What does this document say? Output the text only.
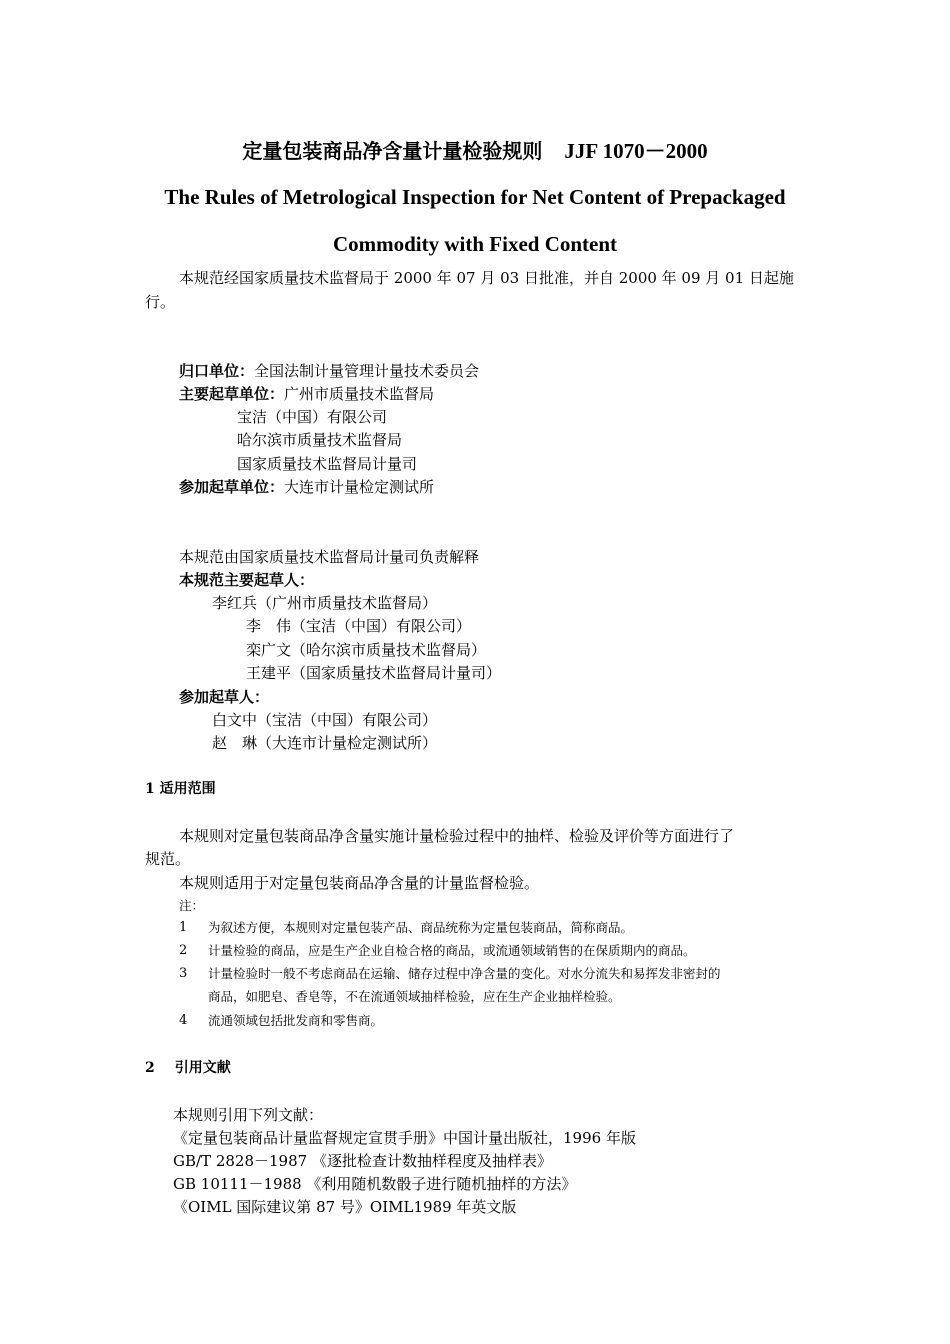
定量包装商品净含量计量检验规则 JJF 1070－2000
The Rules of Metrological Inspection for Net Content of Prepackaged
Commodity with Fixed Content
本规范经国家质量技术监督局于 2000 年 07 月 03 日批准，并自 2000 年 09 月 01 日起施
行。
归口单位：全国法制计量管理计量技术委员会
主要起草单位：广州市质量技术监督局
宝洁（中国）有限公司
哈尔滨市质量技术监督局
国家质量技术监督局计量司
参加起草单位：大连市计量检定测试所
本规范由国家质量技术监督局计量司负责解释
本规范主要起草人：
李红兵（广州市质量技术监督局）
李　伟（宝洁（中国）有限公司）
栾广文（哈尔滨市质量技术监督局）
王建平（国家质量技术监督局计量司）
参加起草人：
白文中（宝洁（中国）有限公司）
赵　琳（大连市计量检定测试所）
1 适用范围
本规则对定量包装商品净含量实施计量检验过程中的抽样、检验及评价等方面进行了
规范。
本规则适用于对定量包装商品净含量的计量监督检验。
注：
1 为叙述方便，本规则对定量包装产品、商品统称为定量包装商品，简称商品。
2 计量检验的商品，应是生产企业自检合格的商品，或流通领域销售的在保质期内的商品。
3 计量检验时一般不考虑商品在运输、储存过程中净含量的变化。对水分流失和易挥发非密封的
商品，如肥皂、香皂等，不在流通领域抽样检验，应在生产企业抽样检验。
4 流通领域包括批发商和零售商。
2 引用文献
本规则引用下列文献：
《定量包装商品计量监督规定宣贯手册》中国计量出版社，1996 年版
GB/T 2828－1987 《逐批检查计数抽样程度及抽样表》
GB 10111－1988 《利用随机数骰子进行随机抽样的方法》
《OIML 国际建议第 87 号》OIML1989 年英文版
